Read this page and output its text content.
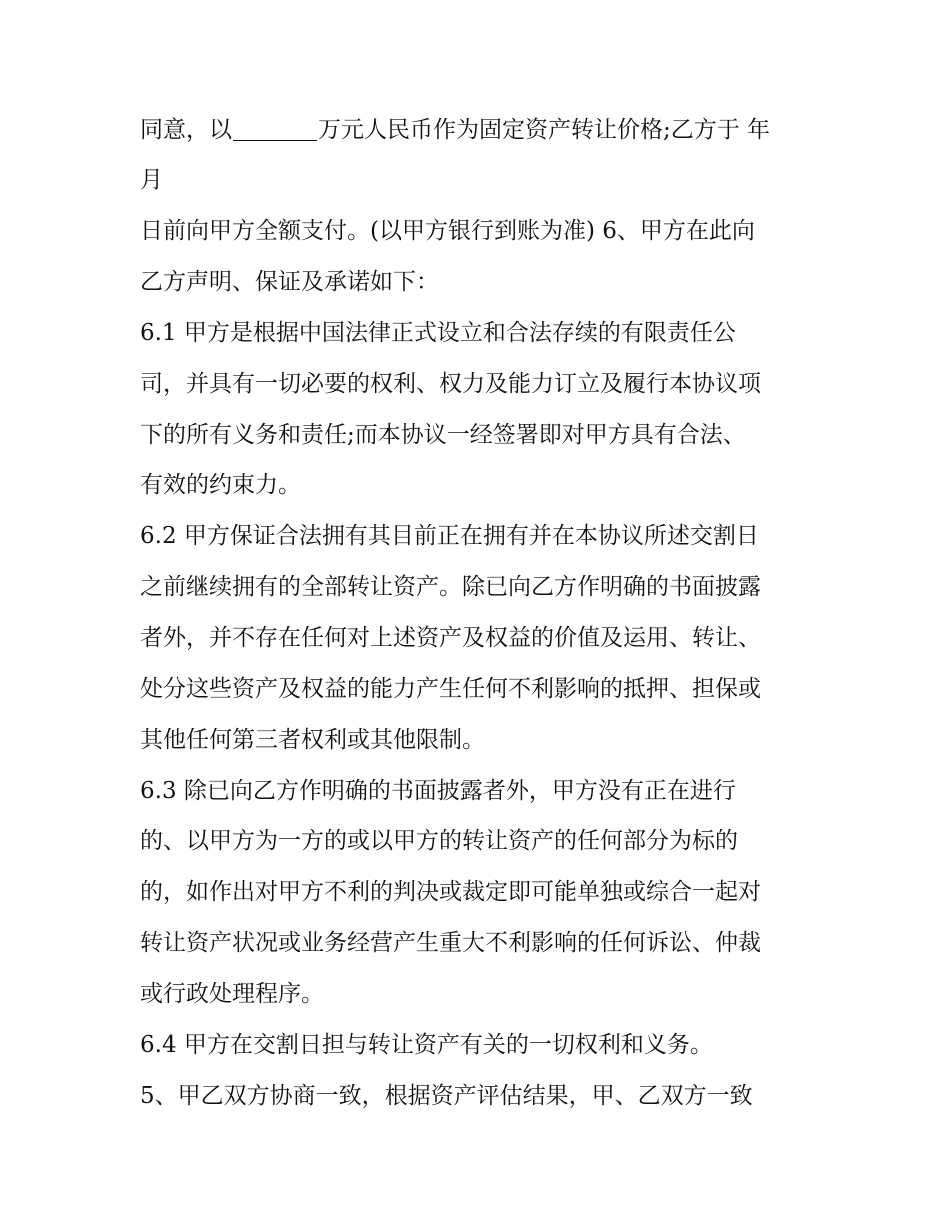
同意，以	万元人民币作为固定资产转让价格;乙方于 年
月
日前向甲方全额支付。(以甲方银行到账为准) 6、甲方在此向
乙方声明、保证及承诺如下：
6.1 甲方是根据中国法律正式设立和合法存续的有限责任公
司，并具有一切必要的权利、权力及能力订立及履行本协议项
下的所有义务和责任;而本协议一经签署即对甲方具有合法、
有效的约束力。
6.2 甲方保证合法拥有其目前正在拥有并在本协议所述交割日
之前继续拥有的全部转让资产。除已向乙方作明确的书面披露
者外，并不存在任何对上述资产及权益的价值及运用、转让、
处分这些资产及权益的能力产生任何不利影响的抵押、担保或
其他任何第三者权利或其他限制。
6.3 除已向乙方作明确的书面披露者外，甲方没有正在进行
的、以甲方为一方的或以甲方的转让资产的任何部分为标的
的，如作出对甲方不利的判决或裁定即可能单独或综合一起对
转让资产状况或业务经营产生重大不利影响的任何诉讼、仲裁
或行政处理程序。
6.4 甲方在交割日担与转让资产有关的一切权利和义务。
5、甲乙双方协商一致，根据资产评估结果，甲、乙双方一致
